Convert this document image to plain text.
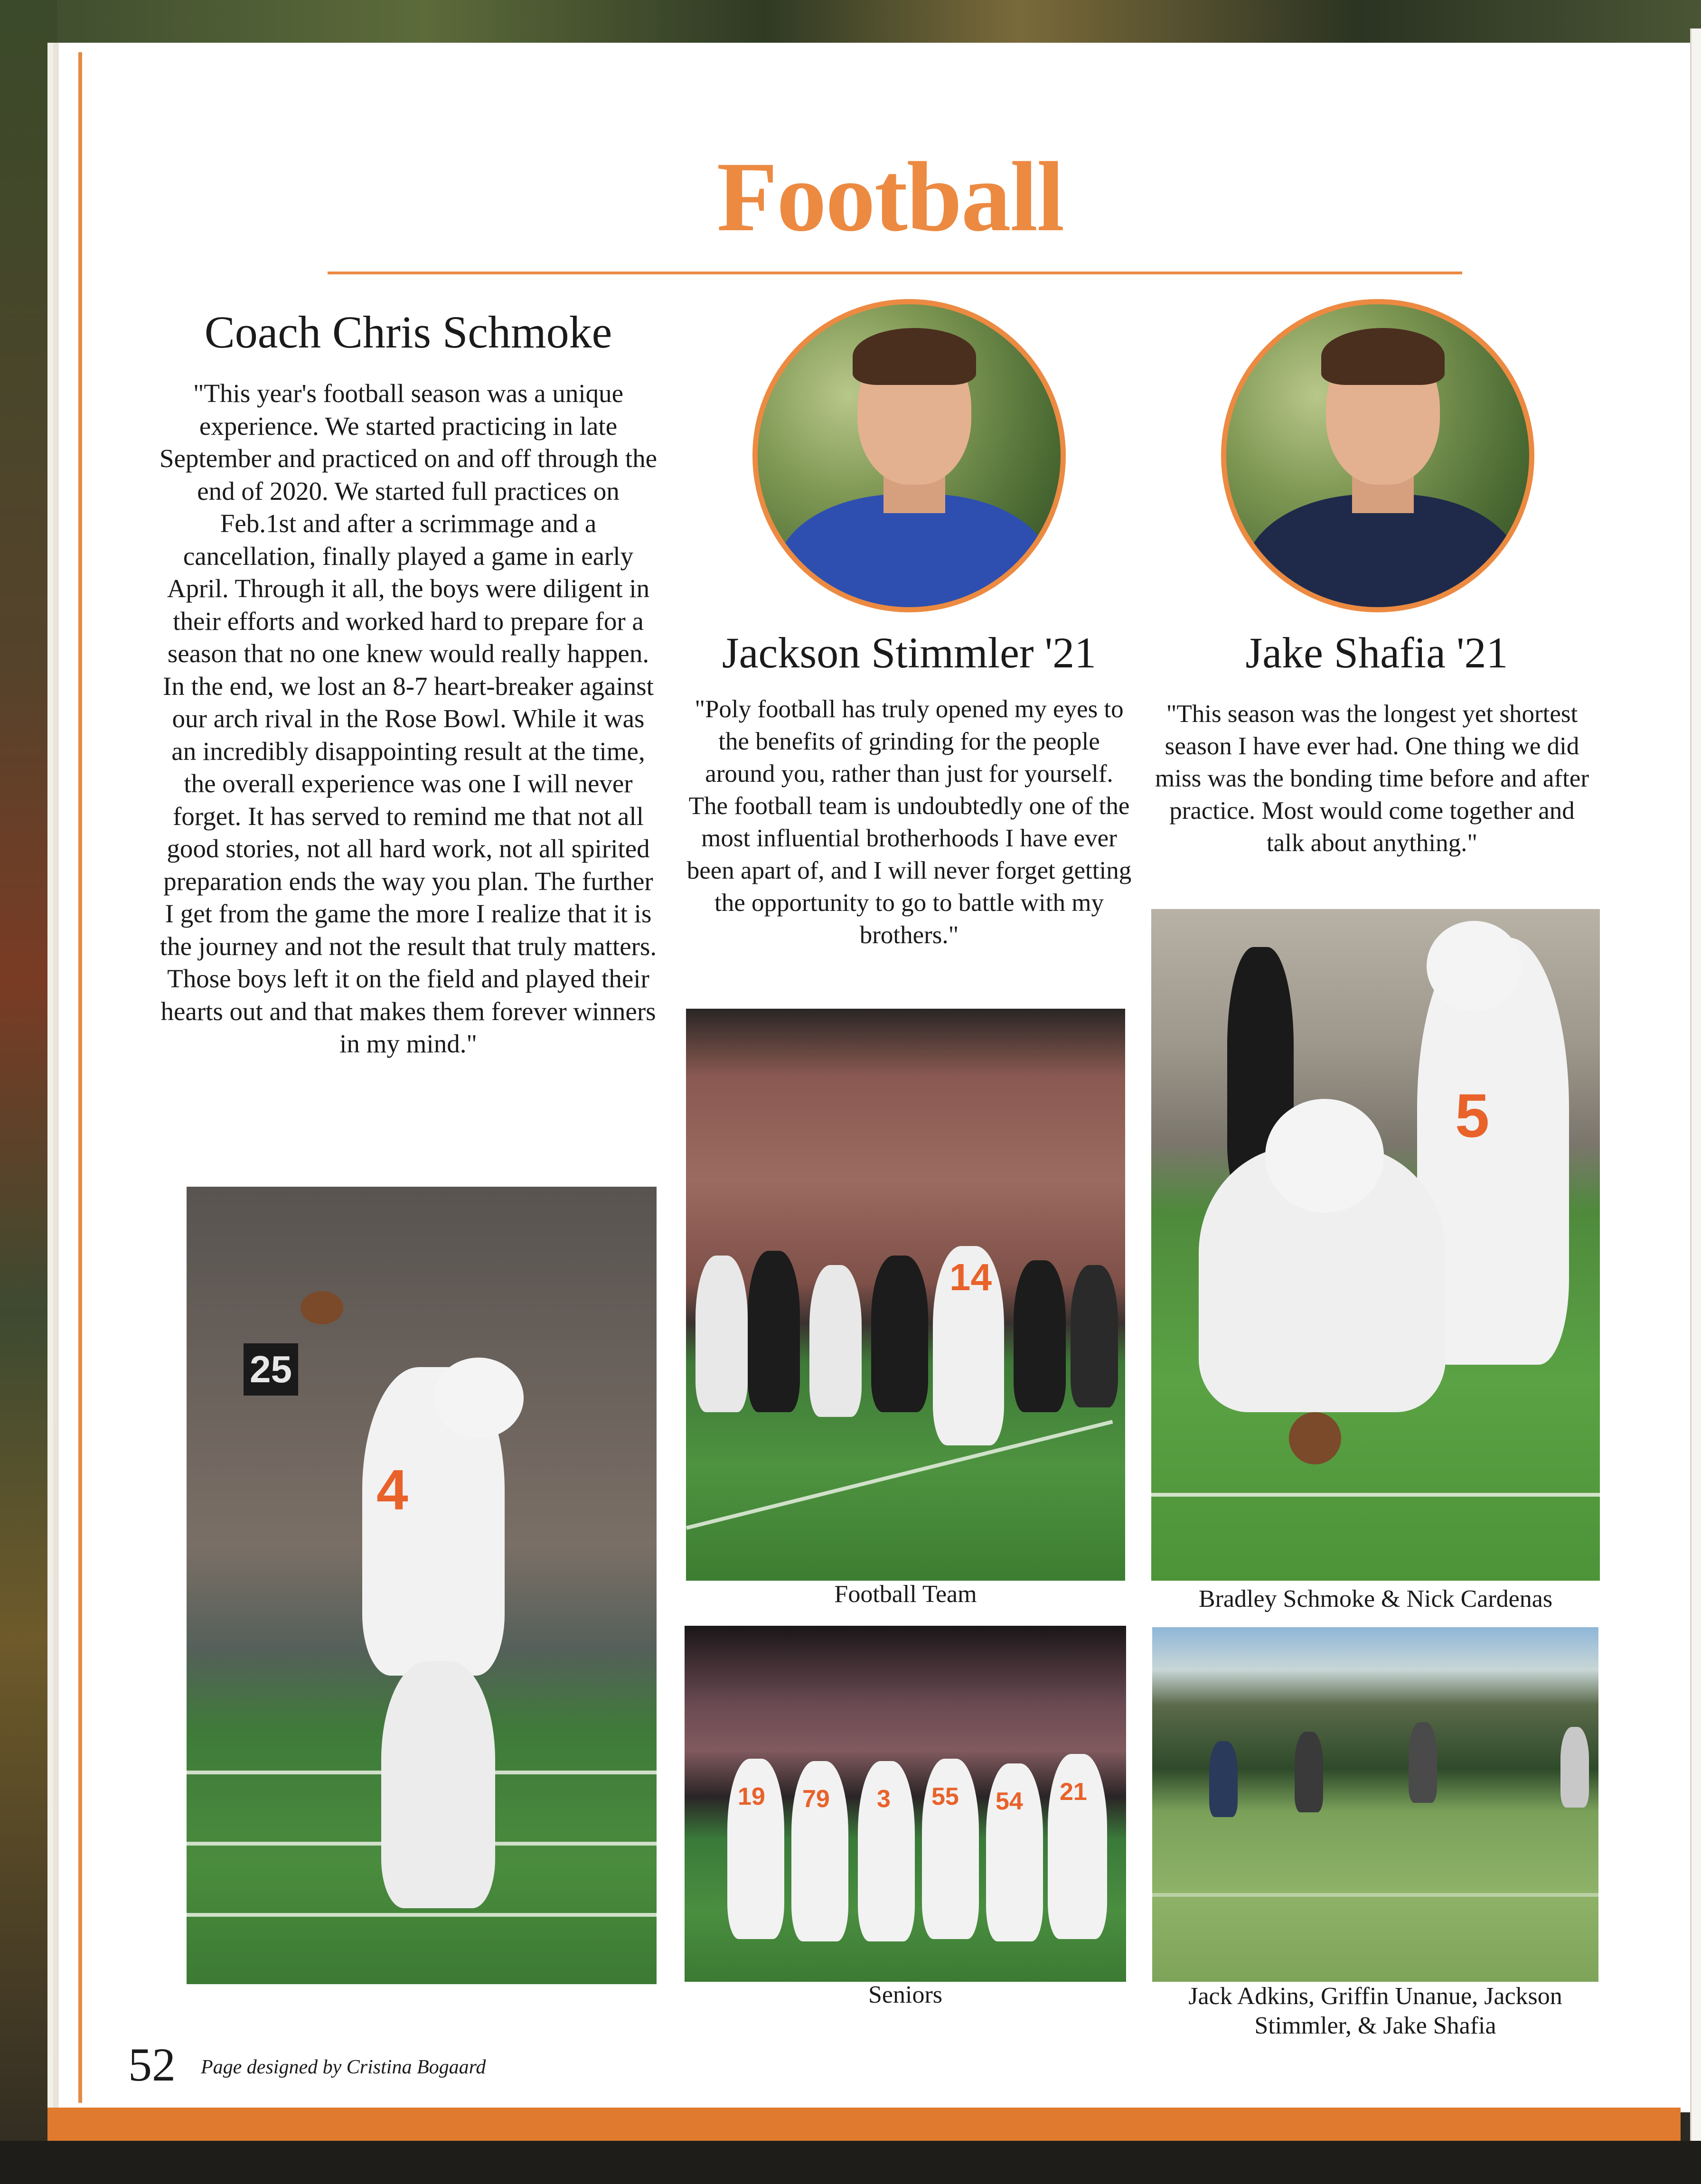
Football
Coach Chris Schmoke

"This year's football season was a unique experience. We started practicing in late September and practiced on and off through the end of 2020. We started full practices on Feb.1st and after a scrimmage and a cancellation, finally played a game in early April. Through it all, the boys were diligent in their efforts and worked hard to prepare for a season that no one knew would really happen. In the end, we lost an 8-7 heart-breaker against our arch rival in the Rose Bowl. While it was an incredibly disappointing result at the time, the overall experience was one I will never forget. It has served to remind me that not all good stories, not all hard work, not all spirited preparation ends the way you plan. The further I get from the game the more I realize that it is the journey and not the result that truly matters. Those boys left it on the field and played their hearts out and that makes them forever winners in my mind."

Jackson Stimmler '21

"Poly football has truly opened my eyes to the benefits of grinding for the people around you, rather than just for yourself. The football team is undoubtedly one of the most influential brotherhoods I have ever been apart of, and I will never forget getting the opportunity to go to battle with my brothers."

Jake Shafia '21

"This season was the longest yet shortest season I have ever had. One thing we did miss was the bonding time before and after practice. Most would come together and talk about anything."

25
4
14
5
19 79 3 55 54 21
Football Team	Bradley Schmoke & Nick Cardenas
Seniors	Jack Adkins, Griffin Unanue, Jackson Stimmler, & Jake Shafia
52	Page designed by Cristina Bogaard
